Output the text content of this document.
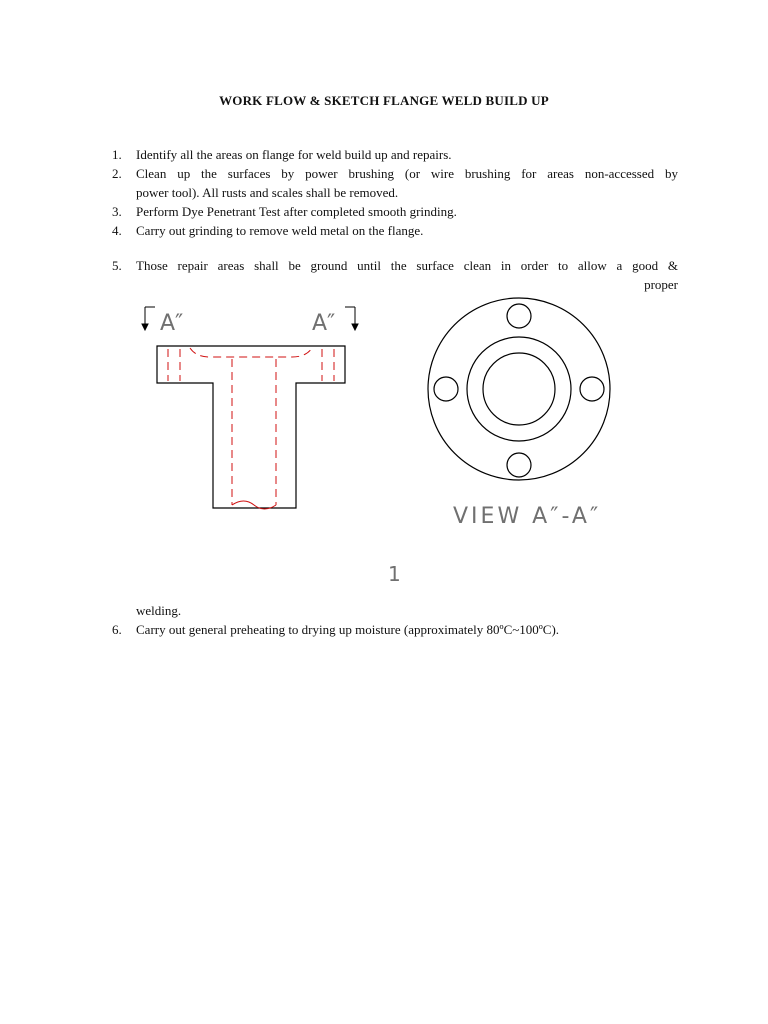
WORK FLOW & SKETCH FLANGE WELD BUILD UP
1. Identify all the areas on flange for weld build up and repairs.
2. Clean up the surfaces by power brushing (or wire brushing for areas non-accessed by
power tool). All rusts and scales shall be removed.
3. Perform Dye Penetrant Test after completed smooth grinding.
4. Carry out grinding to remove weld metal on the flange.
5. Those repair areas shall be ground until the surface clean in order to allow a good &
proper
A″	A″
VIEW A″-A″
1
welding.
6. Carry out general preheating to drying up moisture (approximately 80ºC~100ºC).
